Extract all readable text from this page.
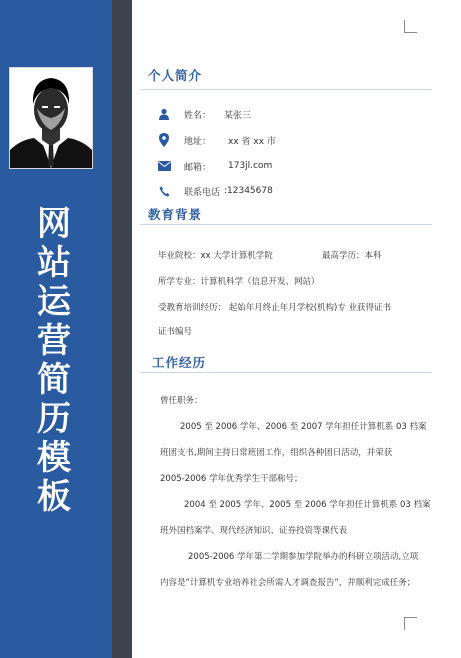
网
站
运
营
简
历
模
板
个人简介
姓名： 某张三
地址： xx 省 xx 市
邮箱： 173jl.com
联系电话 :12345678
教育背景
毕业院校：xx 大学计算机学院	最高学历：本科
所学专业：计算机科学（信息开发、网站）
受教育培训经历： 起始年月终止年月学校(机构)专 业获得证书
证书编号
工作经历
曾任职务：
2005 至 2006 学年、2006 至 2007 学年担任计算机系 03 档案
班团支书,期间主持日常班团工作，组织各种团日活动，并荣获
2005-2006 学年优秀学生干部称号；
2004 至 2005 学年、2005 至 2006 学年担任计算机系 03 档案
班外国档案学、现代经济知识、证券投资等课代表
2005-2006 学年第二学期参加学院举办的科研立项活动,立项
内容是“计算机专业培养社会所需人才调查报告”，并顺利完成任务；
